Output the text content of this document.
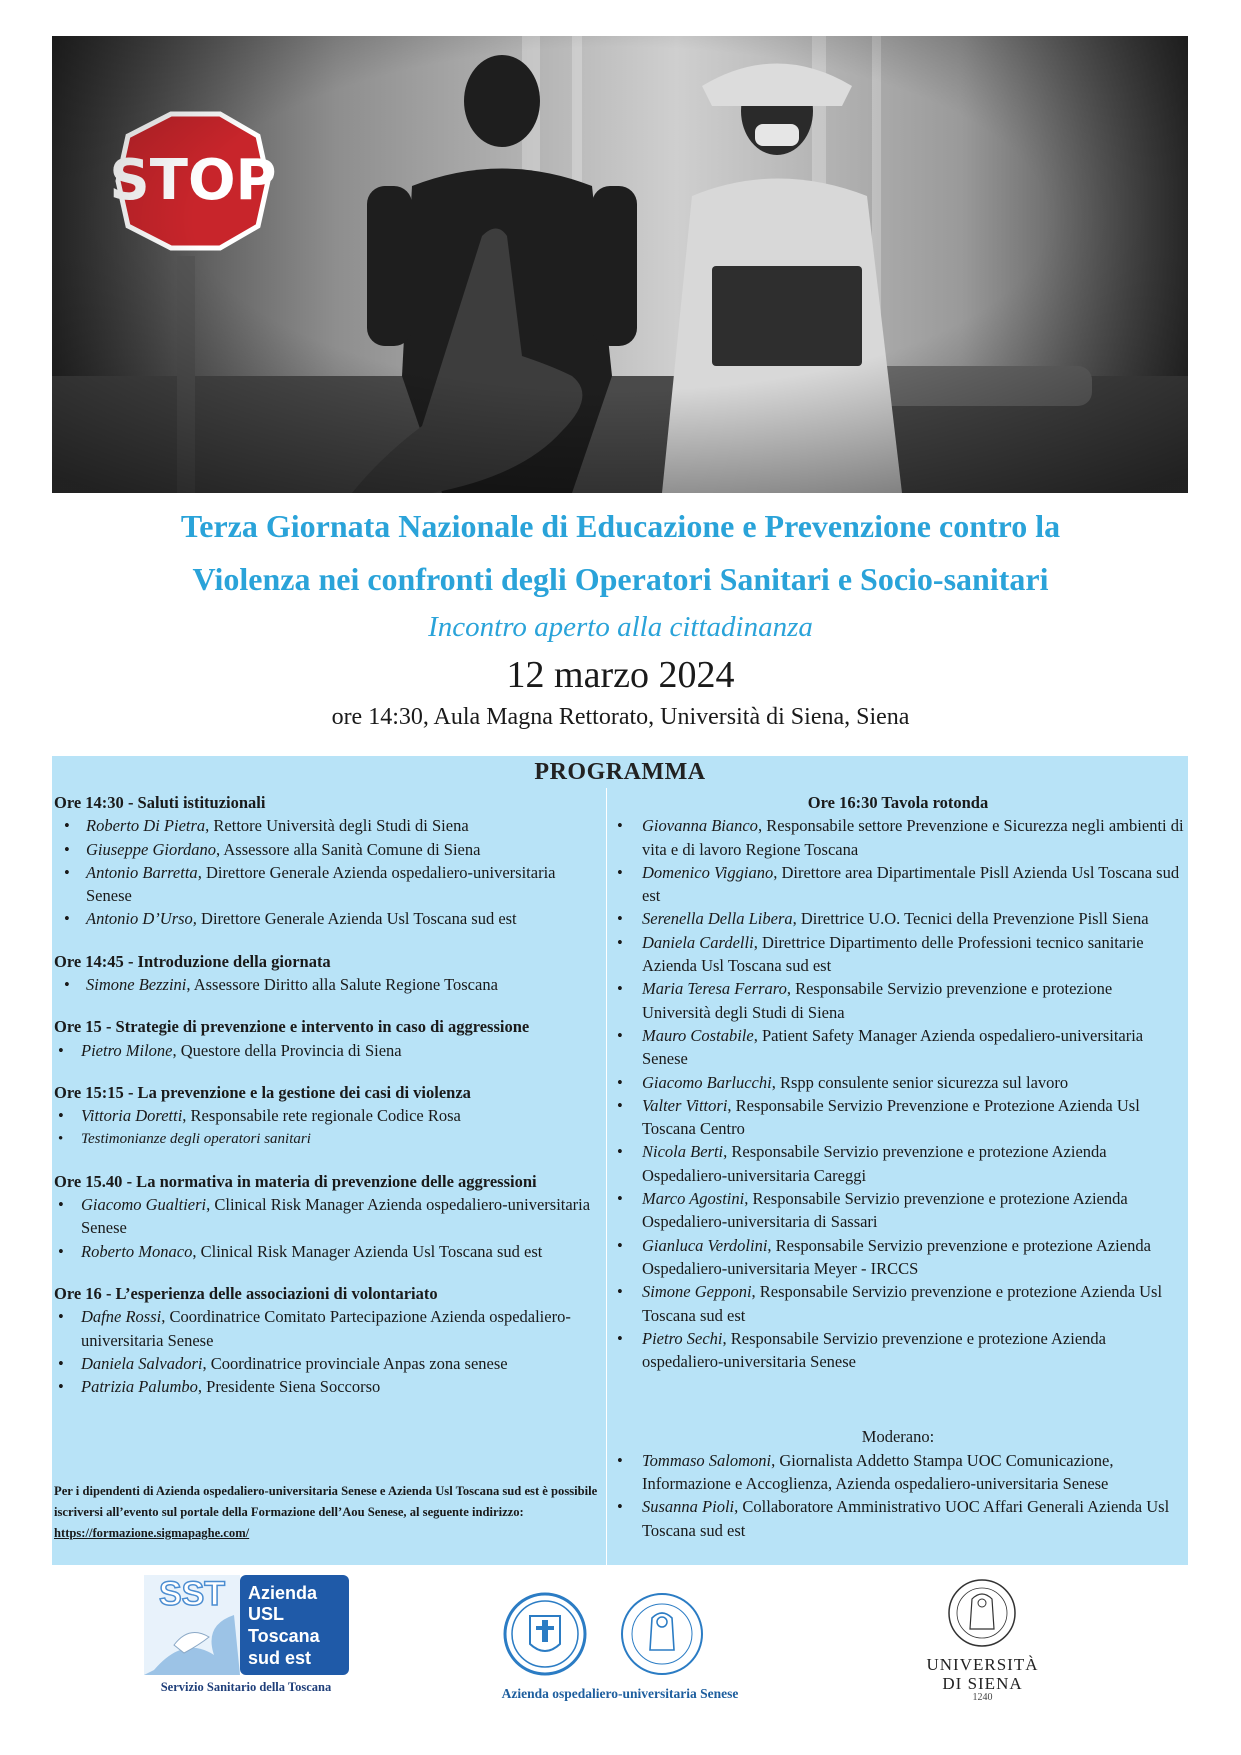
Terza Giornata Nazionale di Educazione e Prevenzione contro la
Violenza nei confronti degli Operatori Sanitari e Socio-sanitari
Incontro aperto alla cittadinanza
12 marzo 2024
ore 14:30, Aula Magna Rettorato, Università di Siena, Siena
PROGRAMMA
Ore 14:30 - Saluti istituzionali
• Roberto Di Pietra, Rettore Università degli Studi di Siena
• Giuseppe Giordano, Assessore alla Sanità Comune di Siena
• Antonio Barretta, Direttore Generale Azienda ospedaliero-universitaria Senese
• Antonio D’Urso, Direttore Generale Azienda Usl Toscana sud est
Ore 14:45 - Introduzione della giornata
• Simone Bezzini, Assessore Diritto alla Salute Regione Toscana
Ore 15 - Strategie di prevenzione e intervento in caso di aggressione
• Pietro Milone, Questore della Provincia di Siena
Ore 15:15 - La prevenzione e la gestione dei casi di violenza
• Vittoria Doretti, Responsabile rete regionale Codice Rosa
• Testimonianze degli operatori sanitari
Ore 15.40 - La normativa in materia di prevenzione delle aggressioni
• Giacomo Gualtieri, Clinical Risk Manager Azienda ospedaliero-universitaria Senese
• Roberto Monaco, Clinical Risk Manager Azienda Usl Toscana sud est
Ore 16 - L’esperienza delle associazioni di volontariato
• Dafne Rossi, Coordinatrice Comitato Partecipazione Azienda ospedaliero-universitaria Senese
• Daniela Salvadori, Coordinatrice provinciale Anpas zona senese
• Patrizia Palumbo, Presidente Siena Soccorso
Ore 16:30 Tavola rotonda
• Giovanna Bianco, Responsabile settore Prevenzione e Sicurezza negli ambienti di vita e di lavoro Regione Toscana
• Domenico Viggiano, Direttore area Dipartimentale Pisll Azienda Usl Toscana sud est
• Serenella Della Libera, Direttrice U.O. Tecnici della Prevenzione Pisll Siena
• Daniela Cardelli, Direttrice Dipartimento delle Professioni tecnico sanitarie Azienda Usl Toscana sud est
• Maria Teresa Ferraro, Responsabile Servizio prevenzione e protezione Università degli Studi di Siena
• Mauro Costabile, Patient Safety Manager Azienda ospedaliero-universitaria Senese
• Giacomo Barlucchi, Rspp consulente senior sicurezza sul lavoro
• Valter Vittori, Responsabile Servizio Prevenzione e Protezione Azienda Usl Toscana Centro
• Nicola Berti, Responsabile Servizio prevenzione e protezione Azienda Ospedaliero-universitaria Careggi
• Marco Agostini, Responsabile Servizio prevenzione e protezione Azienda Ospedaliero-universitaria di Sassari
• Gianluca Verdolini, Responsabile Servizio prevenzione e protezione Azienda Ospedaliero-universitaria Meyer - IRCCS
• Simone Gepponi, Responsabile Servizio prevenzione e protezione Azienda Usl Toscana sud est
• Pietro Sechi, Responsabile Servizio prevenzione e protezione Azienda ospedaliero-universitaria Senese
Moderano:
• Tommaso Salomoni, Giornalista Addetto Stampa UOC Comunicazione, Informazione e Accoglienza, Azienda ospedaliero-universitaria Senese
• Susanna Pioli, Collaboratore Amministrativo UOC Affari Generali Azienda Usl Toscana sud est
Per i dipendenti di Azienda ospedaliero-universitaria Senese e Azienda Usl Toscana sud est è possibile iscriversi all’evento sul portale della Formazione dell’Aou Senese, al seguente indirizzo: https://formazione.sigmapaghe.com/
SST Azienda
USL
Toscana
sud est
Servizio Sanitario della Toscana	Azienda ospedaliero-universitaria Senese
UNIVERSITÀ
DI SIENA
1240
